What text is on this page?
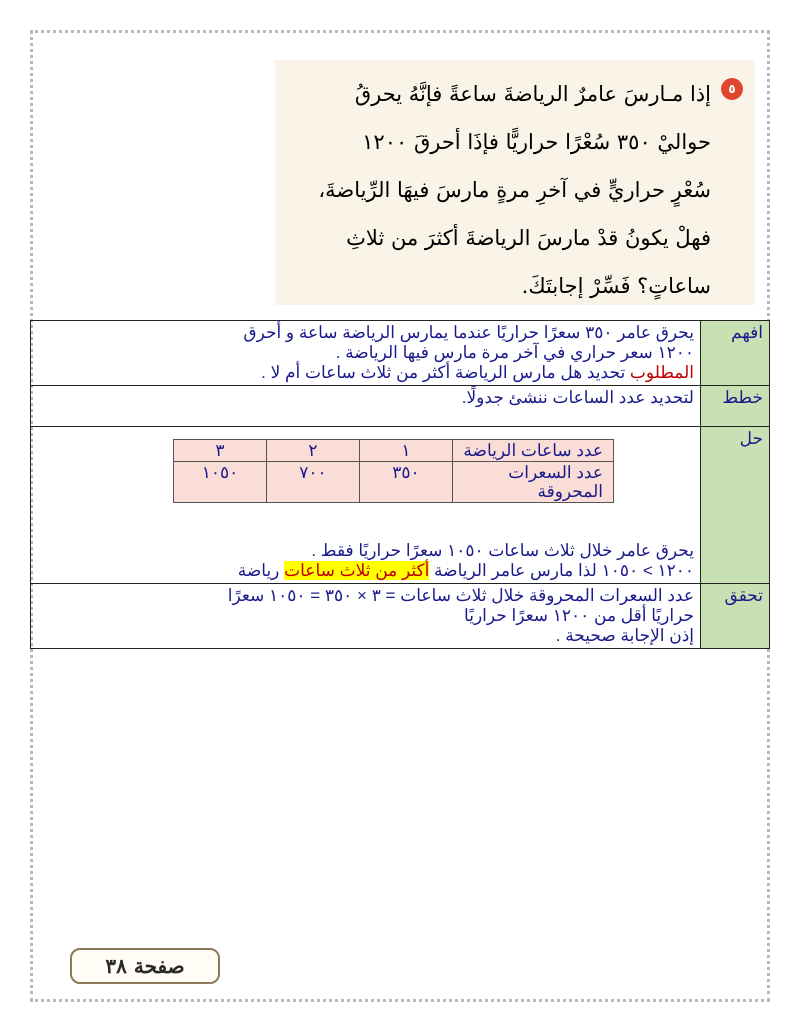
٥
إذا مـارسَ عامرٌ الرياضةَ ساعةً فإنَّهُ يحرقُ
حواليْ ٣٥٠ سُعْرًا حراريًّا فإذَا أحرقَ ١٢٠٠
سُعْرٍ حراريٍّ في آخرِ مرةٍ مارسَ فيهَا الرِّياضةَ،
فهلْ يكونُ قدْ مارسَ الرياضةَ أكثرَ من ثلاثِ
ساعاتٍ؟ فَسِّرْ إجابتَكَ.
افهم	
يحرق عامر ٣٥٠ سعرًا حراريًا عندما يمارس الرياضة ساعة و أحرق
١٢٠٠ سعر حراري في آخر مرة مارس فيها الرياضة .
المطلوب تحديد هل مارس الرياضة أكثر من ثلاث ساعات أم لا .

خطط	
لتحديد عدد الساعات ننشئ جدولًا.

حل	
عدد ساعات الرياضة	١	٢	٣
عدد السعرات المحروقة	٣٥٠	٧٠٠	١٠٥٠
يحرق عامر خلال ثلاث ساعات ١٠٥٠ سعرًا حراريًا فقط .
١٢٠٠ > ١٠٥٠ لذا مارس عامر الرياضة أكثر من ثلاث ساعات رياضة

تحقق	
عدد السعرات المحروقة خلال ثلاث ساعات = ٣ × ٣٥٠ = ١٠٥٠ سعرًا
حراريًا أقل من ١٢٠٠ سعرًا حراريًا
إذن الإجابة صحيحة .
صفحة ٣٨
